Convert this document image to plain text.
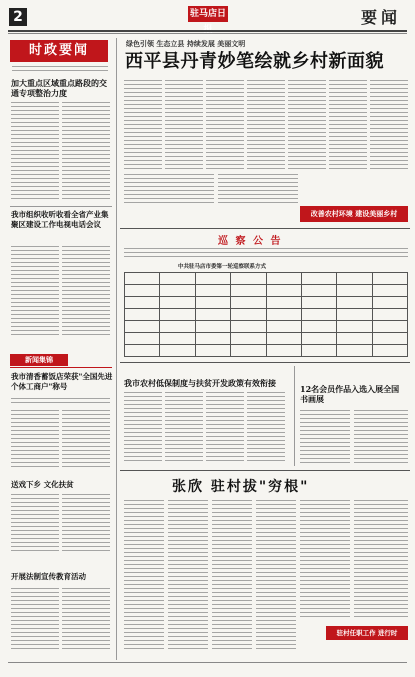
2
　　　	驻马店日	要闻
时政要闻
加大重点区域重点路段的交通专项整治力度
我市组织收听收看全省产业集聚区建设工作电视电话会议
新闻集锦
我市清香蓄饭店荣获"全国先进个体工商户"称号
送戏下乡 文化扶贫
开展法制宣传教育活动
绿色引领 生态立县 持续发展 美丽文明
西平县丹青妙笔绘就乡村新面貌
改善农村环境 建设美丽乡村
巡 察 公 告
中共驻马店市委第一轮巡察联系方式

我市农村低保制度与扶贫开发政策有效衔接
12名会员作品入选入展全国书画展
张欣 驻村拔"穷根"
驻村任职工作 进行时
